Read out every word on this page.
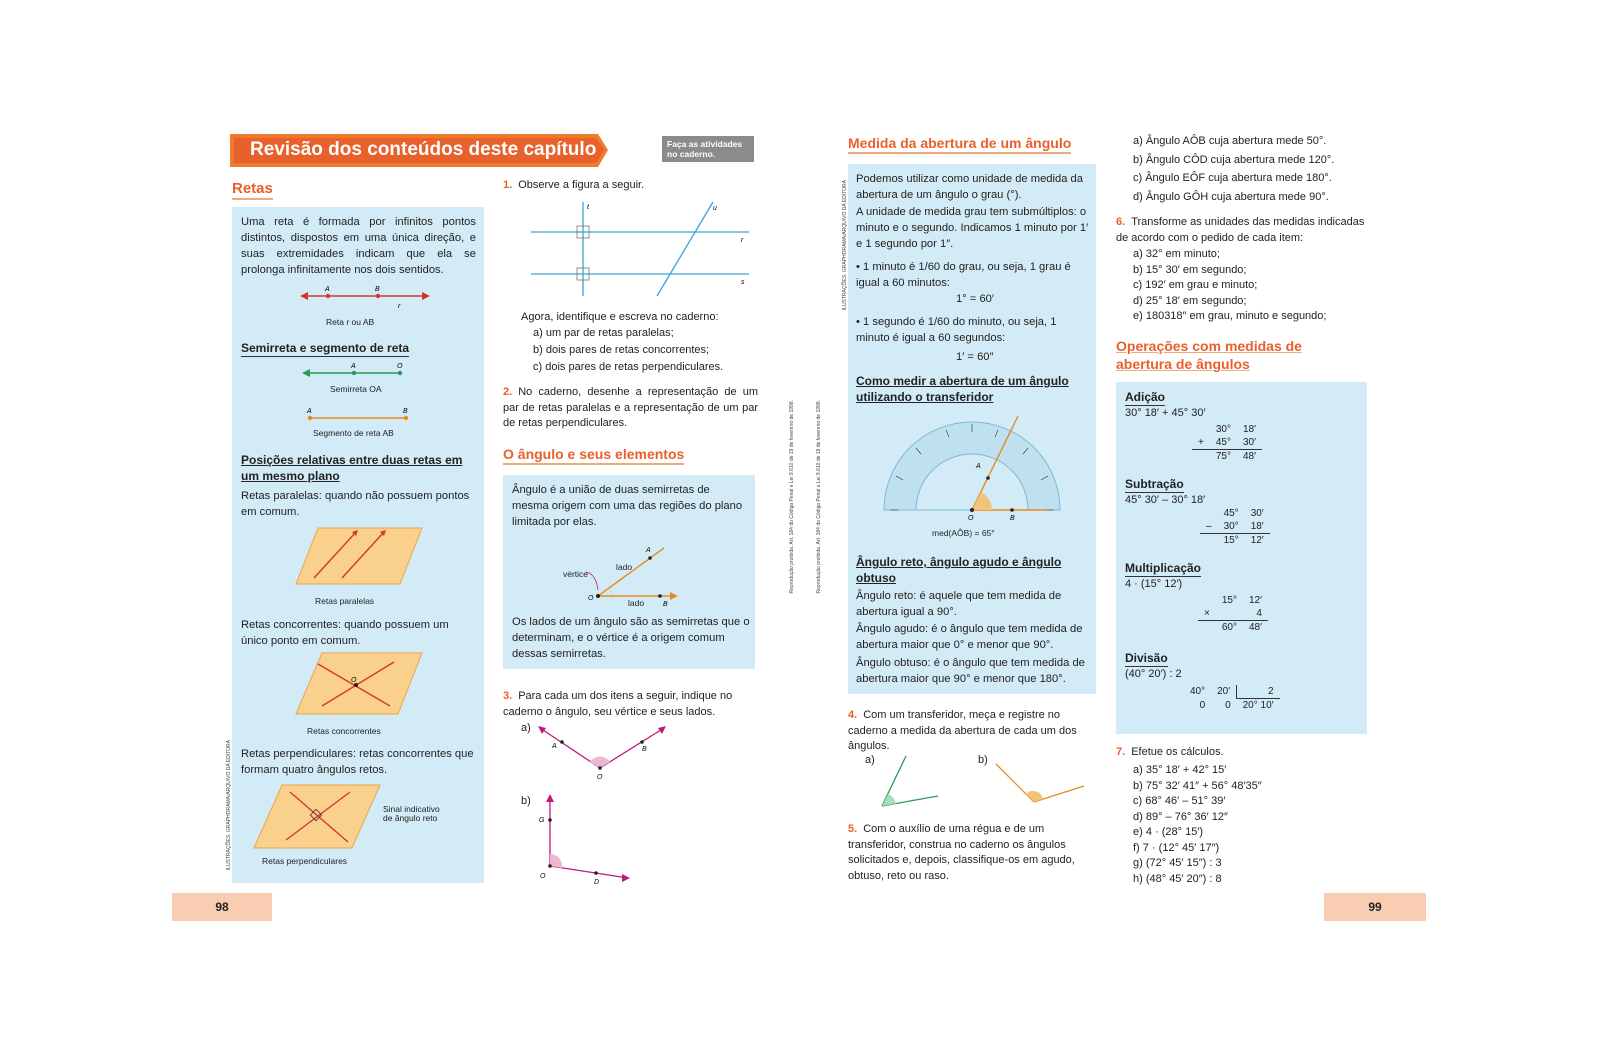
Revisão dos conteúdos deste capítulo	Faça as atividades no caderno.
Retas
Uma reta é formada por infinitos pontos distintos, dispostos em uma única direção, e suas extremidades indicam que ela se prolonga infinitamente nos dois sentidos.
A	B
r
Reta r ou AB
Semirreta e segmento de reta
A	O
Semirreta OA
A	B
Segmento de reta AB
Posições relativas entre duas retas em um mesmo plano
Retas paralelas: quando não possuem pontos em comum.
Retas paralelas
Retas concorrentes: quando possuem um único ponto em comum.
O
Retas concorrentes
Retas perpendiculares: retas concorrentes que formam quatro ângulos retos.
Sinal indicativo de ângulo reto
Retas perpendiculares
ILUSTRAÇÕES: GRAPHORAMA/ARQUIVO DA EDITORA
1. Observe a figura a seguir.
t	u
r
s
Agora, identifique e escreva no caderno:
a) um par de retas paralelas;
b) dois pares de retas concorrentes;
c) dois pares de retas perpendiculares.
2. No caderno, desenhe a representação de um par de retas paralelas e a representação de um par de retas perpendiculares.
O ângulo e seus elementos
Ângulo é a união de duas semirretas de mesma origem com uma das regiões do plano limitada por elas.
O
A
B
vértice
lado
lado
Os lados de um ângulo são as semirretas que o determinam, e o vértice é a origem comum dessas semirretas.
3. Para cada um dos itens a seguir, indique no caderno o ângulo, seu vértice e seus lados.
a)
A	B
O
b)
G
O
D
Reprodução proibida. Art. 184 do Código Penal e Lei 9.610 de 19 de fevereiro de 1998.
98
ILUSTRAÇÕES: GRAPHORAMA/ARQUIVO DA EDITORA
Reprodução proibida. Art. 184 do Código Penal e Lei 9.610 de 19 de fevereiro de 1998.
Medida da abertura de um ângulo
Podemos utilizar como unidade de medida da abertura de um ângulo o grau (°).
A unidade de medida grau tem submúltiplos: o minuto e o segundo. Indicamos 1 minuto por 1′ e 1 segundo por 1″.
• 1 minuto é 1/60 do grau, ou seja, 1 grau é igual a 60 minutos:
1° = 60′
• 1 segundo é 1/60 do minuto, ou seja, 1 minuto é igual a 60 segundos:
1′ = 60″
Como medir a abertura de um ângulo utilizando o transferidor
A
O	B
med(AÔB) = 65°
Ângulo reto, ângulo agudo e ângulo obtuso
Ângulo reto: é aquele que tem medida de abertura igual a 90°.
Ângulo agudo: é o ângulo que tem medida de abertura maior que 0° e menor que 90°.
Ângulo obtuso: é o ângulo que tem medida de abertura maior que 90° e menor que 180°.
4. Com um transferidor, meça e registre no caderno a medida da abertura de cada um dos ângulos.
a)	b)
5. Com o auxílio de uma régua e de um transferidor, construa no caderno os ângulos solicitados e, depois, classifique-os em agudo, obtuso, reto ou raso.
a) Ângulo AÔB cuja abertura mede 50°.
b) Ângulo CÔD cuja abertura mede 120°.
c) Ângulo EÔF cuja abertura mede 180°.
d) Ângulo GÔH cuja abertura mede 90°.
6. Transforme as unidades das medidas indicadas de acordo com o pedido de cada item:
a) 32° em minuto;
b) 15° 30′ em segundo;
c) 192′ em grau e minuto;
d) 25° 18′ em segundo;
e) 180318″ em grau, minuto e segundo;
Operações com medidas de abertura de ângulos
Adição
30° 18′ + 45° 30′
	30°	18′
+	45°	30′
	75°	48′
Subtração
45° 30′ – 30° 18′
	45°	30′
–	30°	18′
	15°	12′
Multiplicação
4 · (15° 12′)
	15°	12′
×		4
	60°	48′
Divisão
(40° 20′) : 2
40°	20′	2
0	0	20° 10′
7. Efetue os cálculos.
a) 35° 18′ + 42° 15′
b) 75° 32′ 41″ + 56° 48′35″
c) 68° 46′ – 51° 39′
d) 89° – 76° 36′ 12″
e) 4 · (28° 15′)
f) 7 · (12° 45′ 17″)
g) (72° 45′ 15″) : 3
h) (48° 45′ 20″) : 8
99
